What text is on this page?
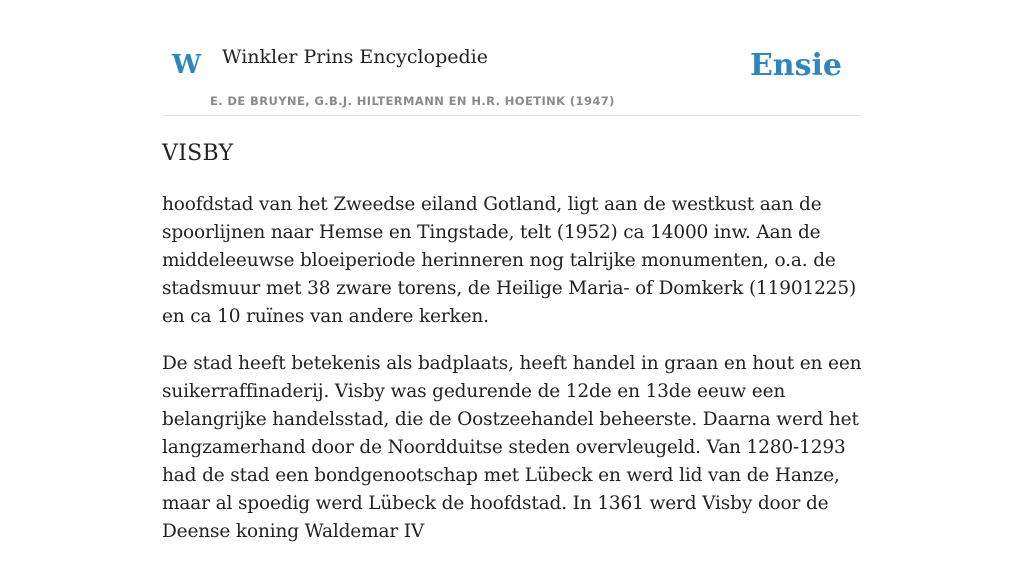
W Winkler Prins Encyclopedie
E. DE BRUYNE, G.B.J. HILTERMANN EN H.R. HOETINK (1947)
Ensie
VISBY

hoofdstad van het Zweedse eiland Gotland, ligt aan de westkust aan de spoorlijnen naar Hemse en Tingstade, telt (1952) ca 14000 inw. Aan de middeleeuwse bloeiperiode herinneren nog talrijke monumenten, o.a. de stadsmuur met 38 zware torens, de Heilige Maria- of Domkerk (11901225) en ca 10 ruïnes van andere kerken.

De stad heeft betekenis als badplaats, heeft handel in graan en hout en een suikerraffinaderij. Visby was gedurende de 12de en 13de eeuw een belangrijke handelsstad, die de Oostzeehandel beheerste. Daarna werd het langzamerhand door de Noordduitse steden overvleugeld. Van 1280-1293 had de stad een bondgenootschap met Lübeck en werd lid van de Hanze, maar al spoedig werd Lübeck de hoofdstad. In 1361 werd Visby door de Deense koning Waldemar IV
